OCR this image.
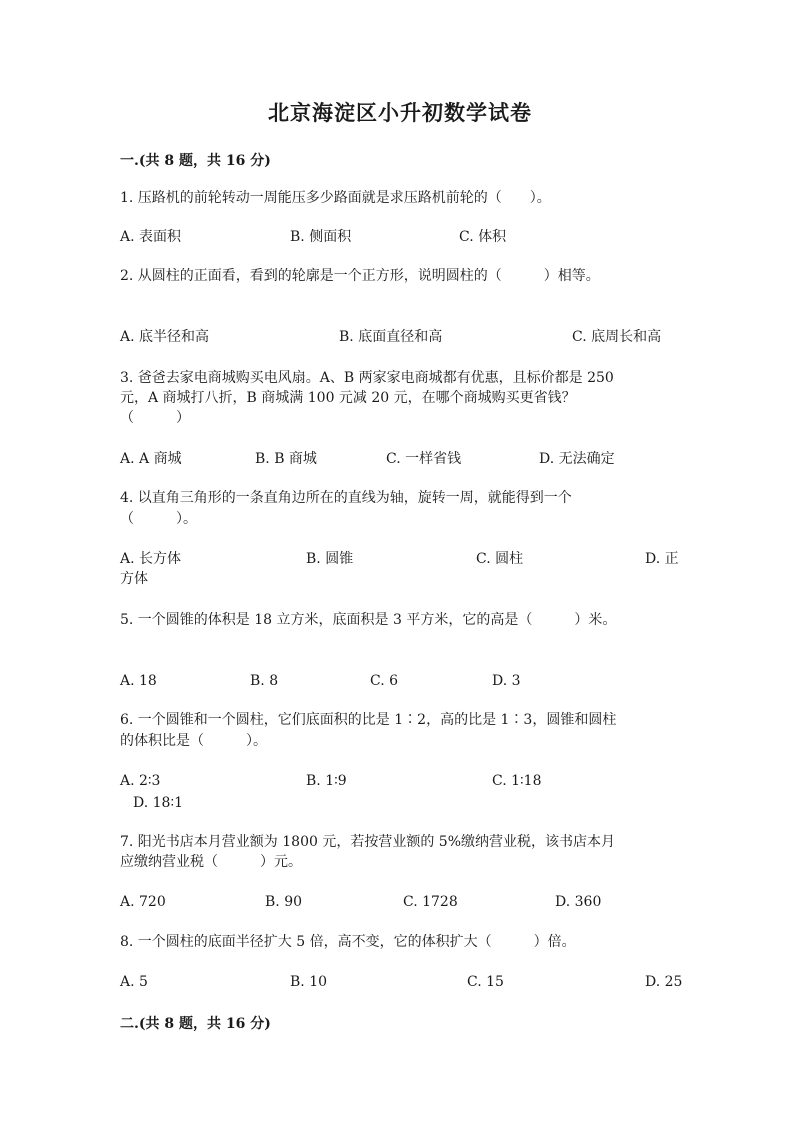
北京海淀区小升初数学试卷
一.(共 8 题，共 16 分)

1. 压路机的前轮转动一周能压多少路面就是求压路机前轮的（　　）。

A. 表面积	B. 侧面积	C. 体积

2. 从圆柱的正面看，看到的轮廓是一个正方形，说明圆柱的（　　　）相等。

A. 底半径和高	B. 底面直径和高	C. 底周长和高

3. 爸爸去家电商城购买电风扇。A、B 两家家电商城都有优惠，且标价都是 250

元，A 商城打八折，B 商城满 100 元减 20 元，在哪个商城购买更省钱？

（　　　）

A. A 商城	B. B 商城	C. 一样省钱	D. 无法确定

4. 以直角三角形的一条直角边所在的直线为轴，旋转一周，就能得到一个

（　　　）。

A. 长方体	B. 圆锥	C. 圆柱	D. 正
方体

5. 一个圆锥的体积是 18 立方米，底面积是 3 平方米，它的高是（　　　）米。

A. 18	B. 8	C. 6	D. 3

6. 一个圆锥和一个圆柱，它们底面积的比是 1∶2，高的比是 1∶3，圆锥和圆柱

的体积比是（　　　）。

A. 2∶3	B. 1∶9	C. 1∶18
D. 18∶1

7. 阳光书店本月营业额为 1800 元，若按营业额的 5%缴纳营业税，该书店本月

应缴纳营业税（　　　）元。

A. 720	B. 90	C. 1728	D. 360

8. 一个圆柱的底面半径扩大 5 倍，高不变，它的体积扩大（　　　）倍。

A. 5	B. 10	C. 15	D. 25
二.(共 8 题，共 16 分)
